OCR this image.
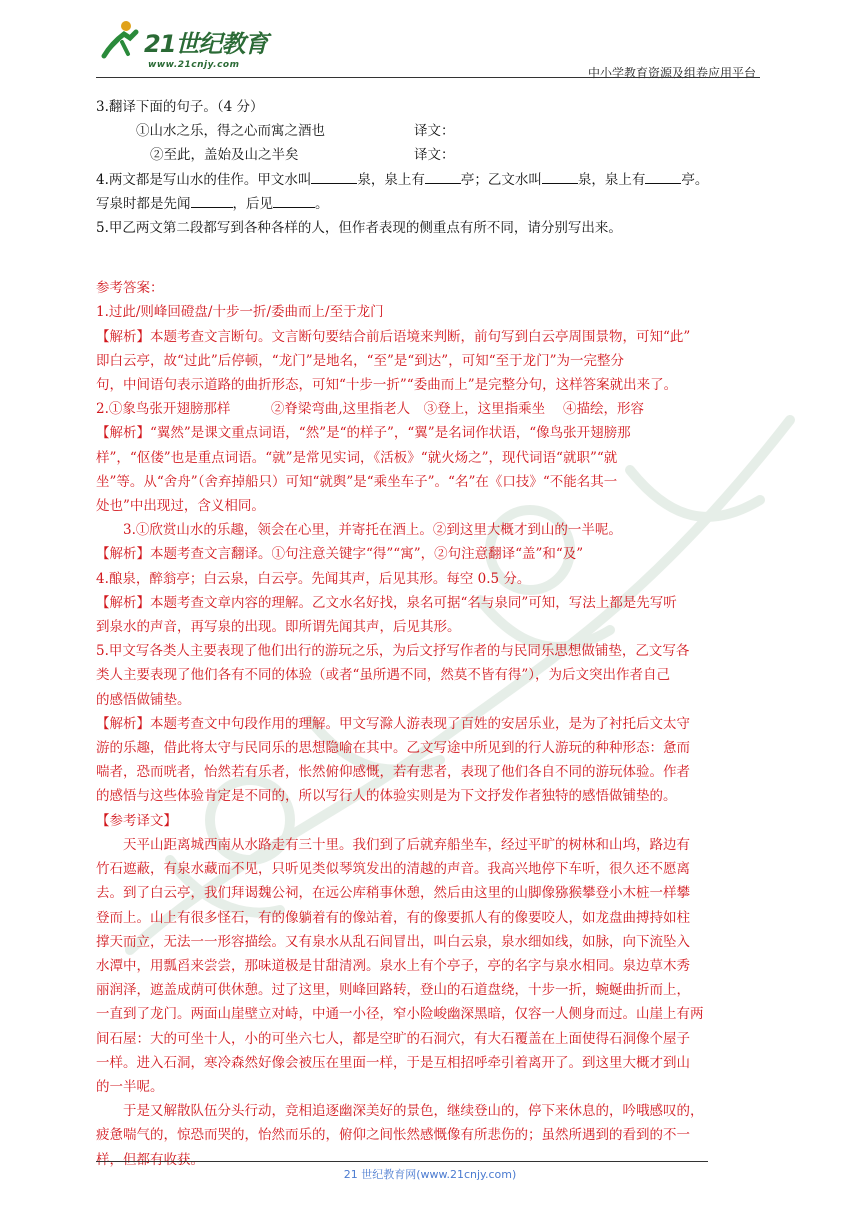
21世纪教育
www.21cnjy.com
中小学教育资源及组卷应用平台
3.翻译下面的句子。（4 分）
①山水之乐，得之心而寓之酒也	译文：
②至此，盖始及山之半矣	译文：
4.两文都是写山水的佳作。甲文水叫	泉，泉上有	亭；乙文水叫	泉，泉上有	亭。
写泉时都是先闻	，后见	。
5.甲乙两文第二段都写到各种各样的人，但作者表现的侧重点有所不同，请分别写出来。
参考答案：
1.过此/则峰回磴盘/十步一折/委曲而上/至于龙门
【解析】本题考查文言断句。文言断句要结合前后语境来判断，前句写到白云亭周围景物，可知“此”
即白云亭，故“过此”后停顿，“龙门”是地名，“至”是“到达”，可知“至于龙门”为一完整分
句，中间语句表示道路的曲折形态，可知“十步一折”“委曲而上”是完整分句，这样答案就出来了。
2.①象鸟张开翅膀那样　　　②脊梁弯曲,这里指老人　③登上，这里指乘坐　 ④描绘，形容
【解析】“翼然”是课文重点词语，“然”是“的样子”，“翼”是名词作状语，“像鸟张开翅膀那
样”，“伛偻”也是重点词语。“就”是常见实词，《活板》“就火炀之”，现代词语“就职”“就
坐”等。从“舍舟”（舍弃掉船只）可知“就舆”是“乘坐车子”。“名”在《口技》“不能名其一
处也”中出现过，含义相同。
3.①欣赏山水的乐趣，领会在心里，并寄托在酒上。②到这里大概才到山的一半呢。
【解析】本题考查文言翻译。①句注意关键字“得”“寓”，②句注意翻译“盖”和“及”
4.酿泉，醉翁亭；白云泉，白云亭。先闻其声，后见其形。每空 0.5 分。
【解析】本题考查文章内容的理解。乙文水名好找，泉名可据“名与泉同”可知，写法上都是先写听
到泉水的声音，再写泉的出现。即所谓先闻其声，后见其形。
5.甲文写各类人主要表现了他们出行的游玩之乐，为后文抒写作者的与民同乐思想做铺垫，乙文写各
类人主要表现了他们各有不同的体验（或者“虽所遇不同，然莫不皆有得”），为后文突出作者自己
的感悟做铺垫。
【解析】本题考查文中句段作用的理解。甲文写滁人游表现了百姓的安居乐业，是为了衬托后文太守
游的乐趣，借此将太守与民同乐的思想隐喻在其中。乙文写途中所见到的行人游玩的种种形态：惫而
喘者，恐而咣者，怡然若有乐者，怅然俯仰感慨，若有悲者，表现了他们各自不同的游玩体验。作者
的感悟与这些体验肯定是不同的，所以写行人的体验实则是为下文抒发作者独特的感悟做铺垫的。
【参考译文】
天平山距离城西南从水路走有三十里。我们到了后就弃船坐车，经过平旷的树林和山坞，路边有
竹石遮蔽，有泉水藏而不见，只听见类似琴筑发出的清越的声音。我高兴地停下车听，很久还不愿离
去。到了白云亭，我们拜谒魏公祠，在远公库稍事休憩，然后由这里的山脚像猕猴攀登小木桩一样攀
登而上。山上有很多怪石，有的像躺着有的像站着，有的像要抓人有的像要咬人，如龙盘曲搏持如柱
撑天而立，无法一一形容描绘。又有泉水从乱石间冒出，叫白云泉，泉水细如线，如脉，向下流坠入
水潭中，用瓢舀来尝尝，那味道极是甘甜清冽。泉水上有个亭子，亭的名字与泉水相同。泉边草木秀
丽润泽，遮盖成荫可供休憩。过了这里，则峰回路转，登山的石道盘绕，十步一折，蜿蜒曲折而上，
一直到了龙门。两面山崖壁立对峙，中通一小径，窄小险峻幽深黑暗，仅容一人侧身而过。山崖上有两
间石屋：大的可坐十人，小的可坐六七人，都是空旷的石洞穴，有大石覆盖在上面使得石洞像个屋子
一样。进入石洞，寒冷森然好像会被压在里面一样，于是互相招呼牵引着离开了。到这里大概才到山
的一半呢。
于是又解散队伍分头行动，竞相追逐幽深美好的景色，继续登山的，停下来休息的，吟哦感叹的，
疲惫喘气的，惊恐而哭的，怡然而乐的，俯仰之间怅然感慨像有所悲伤的；虽然所遇到的看到的不一
样，但都有收获。
21 世纪教育网(www.21cnjy.com)
